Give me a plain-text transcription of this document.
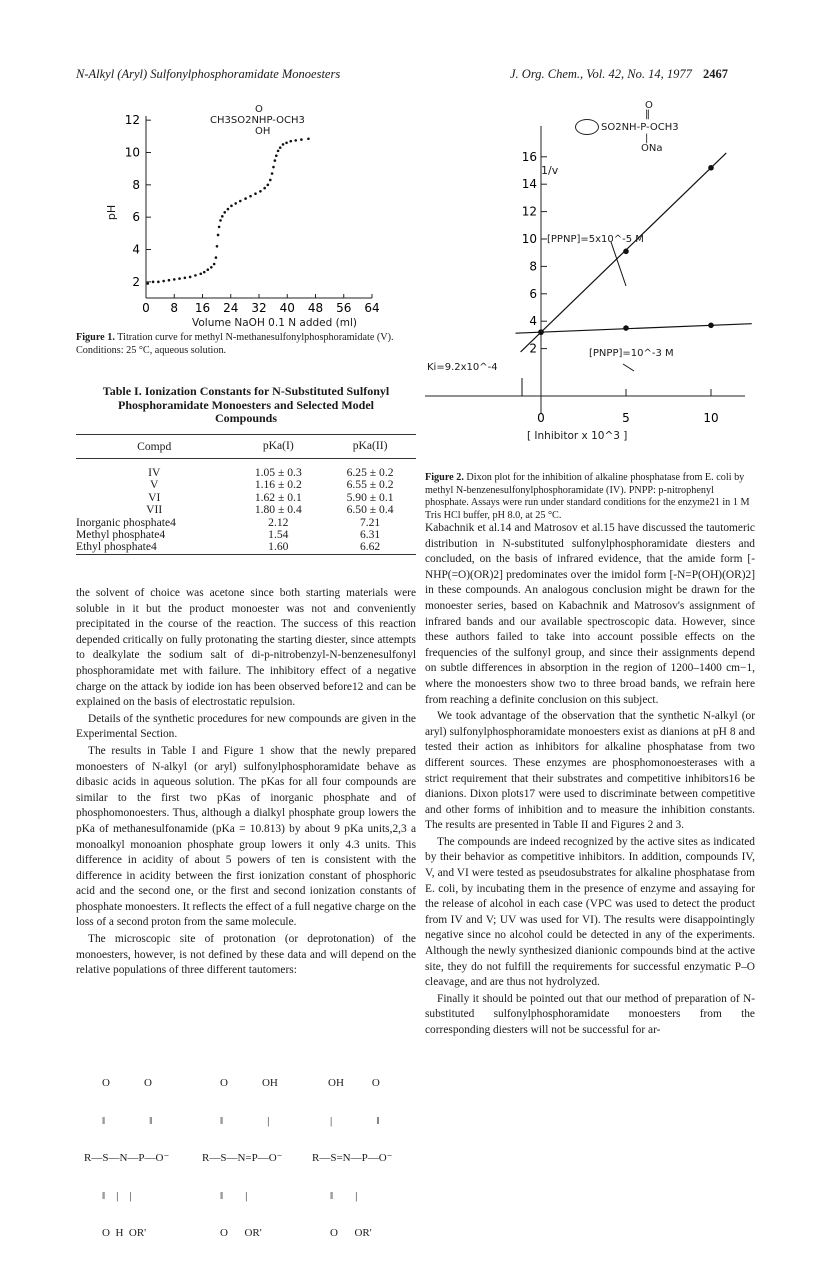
N-Alkyl (Aryl) Sulfonylphosphoramidate Monoesters	J. Org. Chem., Vol. 42, No. 14, 1977 2467
2
4
6
8
10
12
0 8 16 24 32 40 48 56 64
O
CH3SO2NHP-OCH3
OH
pH
Volume NaOH 0.1 N added (ml)
Figure 1. Titration curve for methyl N-methanesulfonylphosphoramidate (V). Conditions: 25 °C, aqueous solution.
Table I. Ionization Constants for N-Substituted Sulfonyl Phosphoramidate Monoesters and Selected Model Compounds
Compd	pKa(I)	pKa(II)
IV	1.05 ± 0.3	6.25 ± 0.2
V	1.16 ± 0.2	6.55 ± 0.2
VI	1.62 ± 0.1	5.90 ± 0.1
VII	1.80 ± 0.4	6.50 ± 0.4
Inorganic phosphate4	2.12	7.21
Methyl phosphate4	1.54	6.31
Ethyl phosphate4	1.60	6.62

the solvent of choice was acetone since both starting materials were soluble in it but the product monoester was not and conveniently precipitated in the course of the reaction. The success of this reaction depended critically on fully protonating the starting diester, since attempts to dealkylate the sodium salt of di-p-nitrobenzyl-N-benzenesulfonyl phosphoramidate met with failure. The inhibitory effect of a negative charge on the attack by iodide ion has been observed before12 and can be explained on the basis of electrostatic repulsion.

Details of the synthetic procedures for new compounds are given in the Experimental Section.

The results in Table I and Figure 1 show that the newly prepared monoesters of N-alkyl (or aryl) sulfonylphosphoramidate behave as dibasic acids in aqueous solution. The pKas for all four compounds are similar to the first two pKas of inorganic phosphate and of phosphomonoesters. Thus, although a dialkyl phosphate group lowers the pKa of methanesulfonamide (pKa = 10.813) by about 9 pKa units,2,3 a monoalkyl monoanion phosphate group lowers it only 4.3 units. This difference in acidity of about 5 powers of ten is consistent with the difference in acidity between the first ionization constant of phosphoric acid and the second one, or the first and second ionization constants of phosphate monoesters. It reflects the effect of a full negative charge on the loss of a second proton from the same molecule.

The microscopic site of protonation (or deprotonation) of the monoesters, however, is not defined by these data and will depend on the relative populations of three different tautomers:

O	O

‖	‖

R—S—N—P—O⁻

‖    |    |

O  H  OR'

O	OH

‖	|

R—S—N=P—O⁻

‖        |

O      OR'

OH	O

|	‖

R—S=N—P—O⁻

‖        |

O      OR'

2
4
6
8
10
12
14
16
0	5	10
O
‖
SO2NH-P-OCH3
|
ONa
1/v
[PPNP]=5x10^-5 M
[PNPP]=10^-3 M
Ki=9.2x10^-4
[ Inhibitor x 10^3 ]
Figure 2. Dixon plot for the inhibition of alkaline phosphatase from E. coli by methyl N-benzenesulfonylphosphoramidate (IV). PNPP: p-nitrophenyl phosphate. Assays were run under standard conditions for the enzyme21 in 1 M Tris HCl buffer, pH 8.0, at 25 °C.

Kabachnik et al.14 and Matrosov et al.15 have discussed the tautomeric distribution in N-substituted sulfonylphosphoramidate diesters and concluded, on the basis of infrared evidence, that the amide form [-NHP(=O)(OR)2] predominates over the imidol form [-N=P(OH)(OR)2] in these compounds. An analogous conclusion might be drawn for the monoester series, based on Kabachnik and Matrosov's assignment of infrared bands and our available spectroscopic data. However, since these authors failed to take into account possible effects on the frequencies of the sulfonyl group, and since their assignments depend on subtle differences in absorption in the region of 1200–1400 cm−1, where the monoesters show two to three broad bands, we refrain here from reaching a definite conclusion on this subject.

We took advantage of the observation that the synthetic N-alkyl (or aryl) sulfonylphosphoramidate monoesters exist as dianions at pH 8 and tested their action as inhibitors for alkaline phosphatase from two different sources. These enzymes are phosphomonoesterases with a strict requirement that their substrates and competitive inhibitors16 be dianions. Dixon plots17 were used to discriminate between competitive and other forms of inhibition and to measure the inhibition constants. The results are presented in Table II and Figures 2 and 3.

The compounds are indeed recognized by the active sites as indicated by their behavior as competitive inhibitors. In addition, compounds IV, V, and VI were tested as pseudosubstrates for alkaline phosphatase from E. coli, by incubating them in the presence of enzyme and assaying for the release of alcohol in each case (VPC was used to detect the product from IV and V; UV was used for VI). The results were disappointingly negative since no alcohol could be detected in any of the experiments. Although the newly synthesized dianionic compounds bind at the active site, they do not fulfill the requirements for successful enzymatic P–O cleavage, and are thus not hydrolyzed.

Finally it should be pointed out that our method of preparation of N-substituted sulfonylphosphoramidate monoesters from the corresponding diesters will not be successful for ar-
